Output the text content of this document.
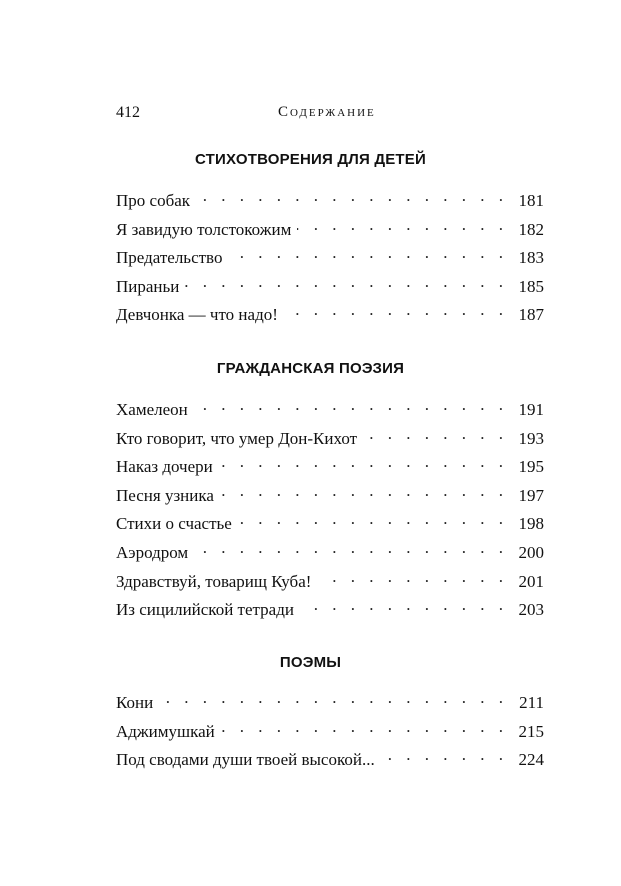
412	Содержание
СТИХОТВОРЕНИЯ ДЛЯ ДЕТЕЙ
Про собак . . .	181
Я завидую толстокожим . . .	182
Предательство . . .	183
Пираньи . . .	185
Девчонка — что надо! . . .	187
ГРАЖДАНСКАЯ ПОЭЗИЯ
Хамелеон . . .	191
Кто говорит, что умер Дон-Кихот . . .	193
Наказ дочери . . .	195
Песня узника . . .	197
Стихи о счастье . . .	198
Аэродром . . .	200
Здравствуй, товарищ Куба! . . .	201
Из сицилийской тетради . . .	203
ПОЭМЫ
Кони . . .	211
Аджимушкай . . .	215
Под сводами души твоей высокой... . . .	224
